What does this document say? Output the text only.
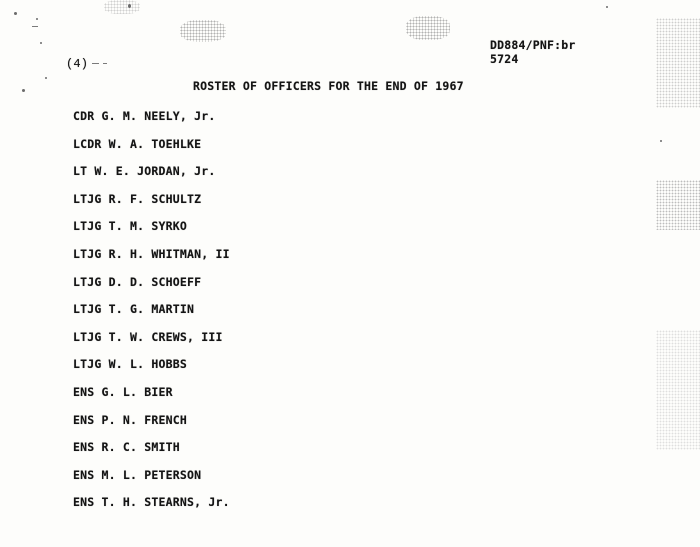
(4)
DD884/PNF:br
5724
ROSTER OF OFFICERS FOR THE END OF 1967
CDR G. M. NEELY, Jr.
LCDR W. A. TOEHLKE
LT W. E. JORDAN, Jr.
LTJG R. F. SCHULTZ
LTJG T. M. SYRKO
LTJG R. H. WHITMAN, II
LTJG D. D. SCHOEFF
LTJG T. G. MARTIN
LTJG T. W. CREWS, III
LTJG W. L. HOBBS
ENS G. L. BIER
ENS P. N. FRENCH
ENS R. C. SMITH
ENS M. L. PETERSON
ENS T. H. STEARNS, Jr.
